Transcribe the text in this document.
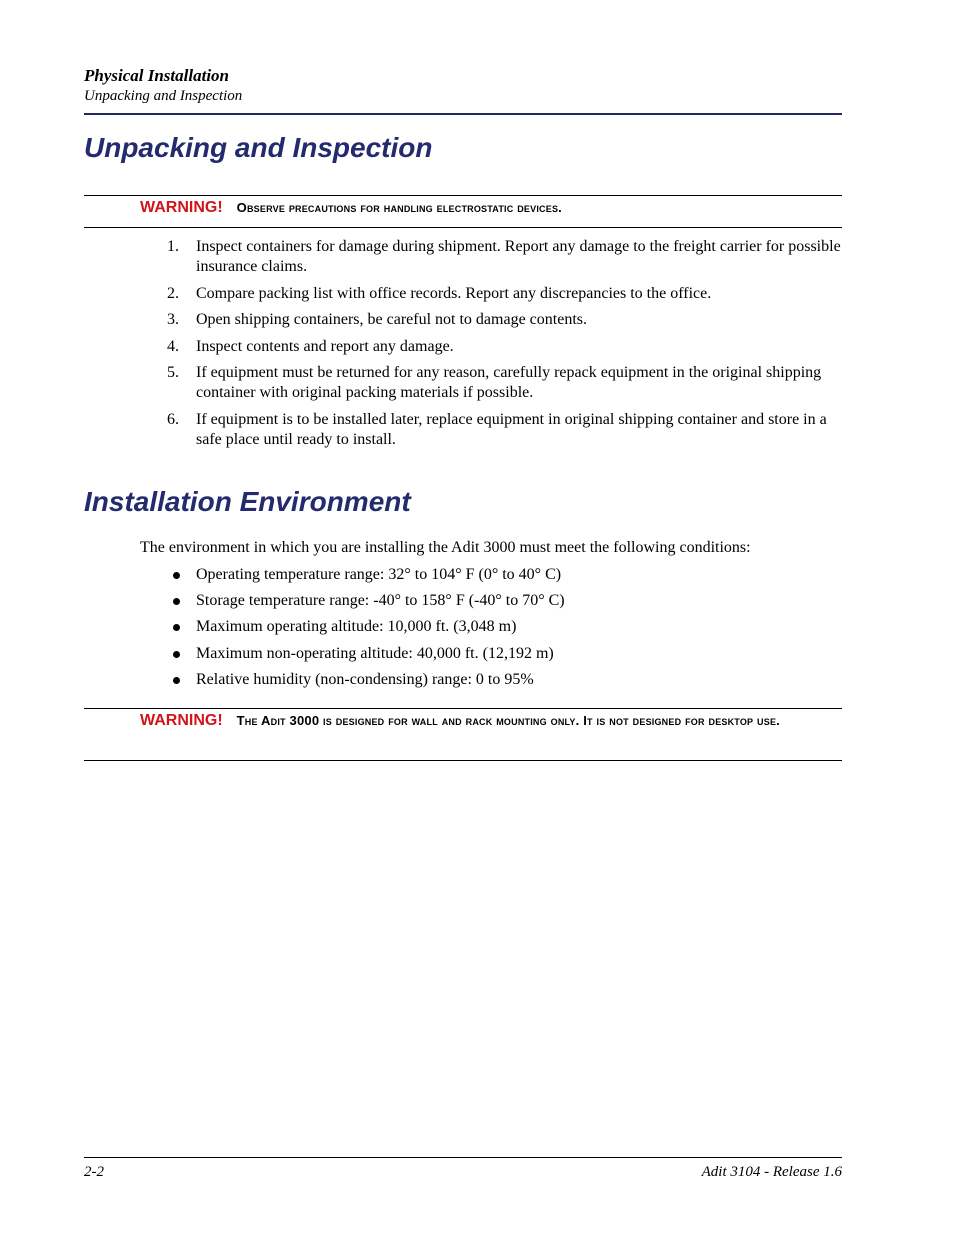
Physical Installation
Unpacking and Inspection
Unpacking and Inspection
WARNING! Observe precautions for handling electrostatic devices.
1. Inspect containers for damage during shipment. Report any damage to the freight carrier for possible insurance claims.
2. Compare packing list with office records. Report any discrepancies to the office.
3. Open shipping containers, be careful not to damage contents.
4. Inspect contents and report any damage.
5. If equipment must be returned for any reason, carefully repack equipment in the original shipping container with original packing materials if possible.
6. If equipment is to be installed later, replace equipment in original shipping container and store in a safe place until ready to install.
Installation Environment
The environment in which you are installing the Adit 3000 must meet the following conditions:
Operating temperature range: 32° to 104° F (0° to 40° C)
Storage temperature range: -40° to 158° F (-40° to 70° C)
Maximum operating altitude: 10,000 ft. (3,048 m)
Maximum non-operating altitude: 40,000 ft. (12,192 m)
Relative humidity (non-condensing) range: 0 to 95%
WARNING! The Adit 3000 is designed for wall and rack mounting only. It is not designed for desktop use.
2-2	Adit 3104 - Release 1.6
